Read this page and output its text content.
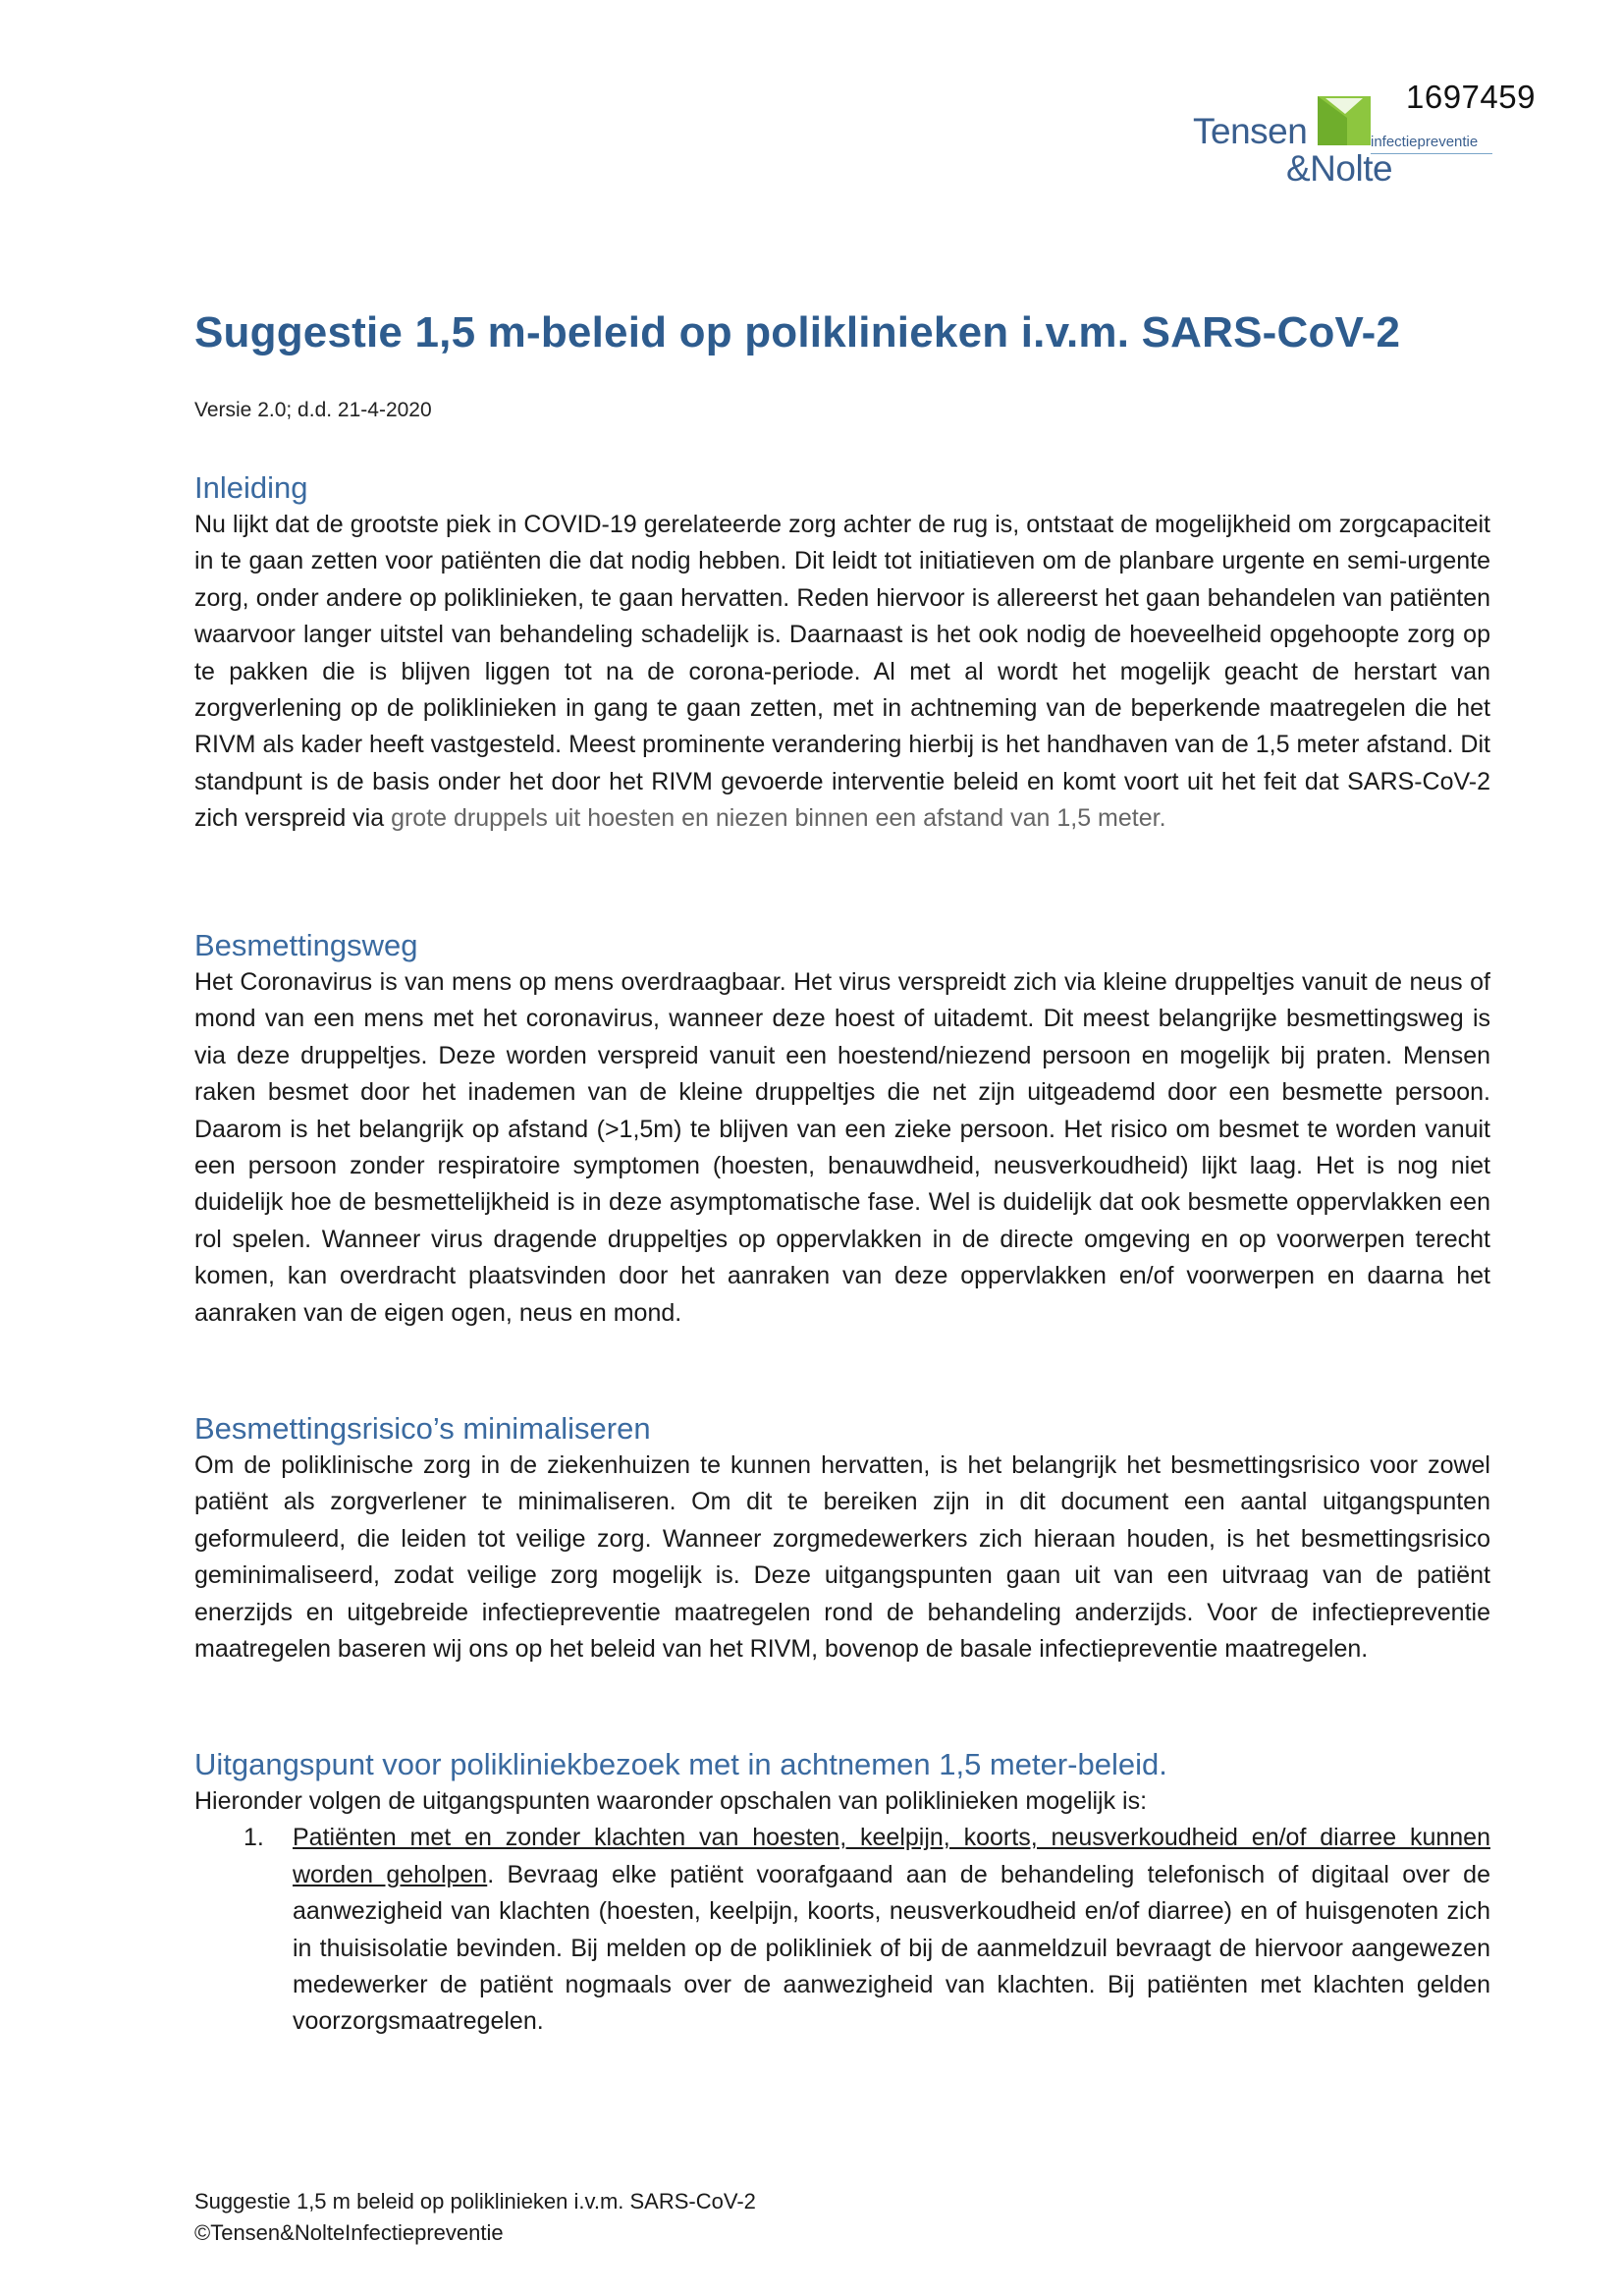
1697459
Tensen	infectiepreventie
&Nolte
Suggestie 1,5 m-beleid op poliklinieken i.v.m. SARS-CoV-2
Versie 2.0; d.d. 21-4-2020
Inleiding

Nu lijkt dat de grootste piek in COVID-19 gerelateerde zorg achter de rug is, ontstaat de mogelijkheid om zorgcapaciteit in te gaan zetten voor patiënten die dat nodig hebben. Dit leidt tot initiatieven om de planbare urgente en semi-urgente zorg, onder andere op poliklinieken, te gaan hervatten. Reden hiervoor is allereerst het gaan behandelen van patiënten waarvoor langer uitstel van behandeling schadelijk is. Daarnaast is het ook nodig de hoeveelheid opgehoopte zorg op te pakken die is blijven liggen tot na de corona-periode. Al met al wordt het mogelijk geacht de herstart van zorgverlening op de poliklinieken in gang te gaan zetten, met in achtneming van de beperkende maatregelen die het RIVM als kader heeft vastgesteld. Meest prominente verandering hierbij is het handhaven van de 1,5 meter afstand. Dit standpunt is de basis onder het door het RIVM gevoerde interventie beleid en komt voort uit het feit dat SARS-CoV-2 zich verspreid via grote druppels uit hoesten en niezen binnen een afstand van 1,5 meter.

Besmettingsweg

Het Coronavirus is van mens op mens overdraagbaar. Het virus verspreidt zich via kleine druppeltjes vanuit de neus of mond van een mens met het coronavirus, wanneer deze hoest of uitademt. Dit meest belangrijke besmettingsweg is via deze druppeltjes. Deze worden verspreid vanuit een hoestend/niezend persoon en mogelijk bij praten. Mensen raken besmet door het inademen van de kleine druppeltjes die net zijn uitgeademd door een besmette persoon. Daarom is het belangrijk op afstand (>1,5m) te blijven van een zieke persoon. Het risico om besmet te worden vanuit een persoon zonder respiratoire symptomen (hoesten, benauwdheid, neusverkoudheid) lijkt laag. Het is nog niet duidelijk hoe de besmettelijkheid is in deze asymptomatische fase. Wel is duidelijk dat ook besmette oppervlakken een rol spelen. Wanneer virus dragende druppeltjes op oppervlakken in de directe omgeving en op voorwerpen terecht komen, kan overdracht plaatsvinden door het aanraken van deze oppervlakken en/of voorwerpen en daarna het aanraken van de eigen ogen, neus en mond.

Besmettingsrisico’s minimaliseren

Om de poliklinische zorg in de ziekenhuizen te kunnen hervatten, is het belangrijk het besmettingsrisico voor zowel patiënt als zorgverlener te minimaliseren. Om dit te bereiken zijn in dit document een aantal uitgangspunten geformuleerd, die leiden tot veilige zorg. Wanneer zorgmedewerkers zich hieraan houden, is het besmettingsrisico geminimaliseerd, zodat veilige zorg mogelijk is. Deze uitgangspunten gaan uit van een uitvraag van de patiënt enerzijds en uitgebreide infectiepreventie maatregelen rond de behandeling anderzijds. Voor de infectiepreventie maatregelen baseren wij ons op het beleid van het RIVM, bovenop de basale infectiepreventie maatregelen.

Uitgangspunt voor polikliniekbezoek met in achtnemen 1,5 meter-beleid.

Hieronder volgen de uitgangspunten waaronder opschalen van poliklinieken mogelijk is:

1. Patiënten met en zonder klachten van hoesten, keelpijn, koorts, neusverkoudheid en/of diarree kunnen worden geholpen. Bevraag elke patiënt voorafgaand aan de behandeling telefonisch of digitaal over de aanwezigheid van klachten (hoesten, keelpijn, koorts, neusverkoudheid en/of diarree) en of huisgenoten zich in thuisisolatie bevinden. Bij melden op de polikliniek of bij de aanmeldzuil bevraagt de hiervoor aangewezen medewerker de patiënt nogmaals over de aanwezigheid van klachten. Bij patiënten met klachten gelden voorzorgsmaatregelen.
Suggestie 1,5 m beleid op poliklinieken i.v.m. SARS-CoV-2
©Tensen&NolteInfectiepreventie
